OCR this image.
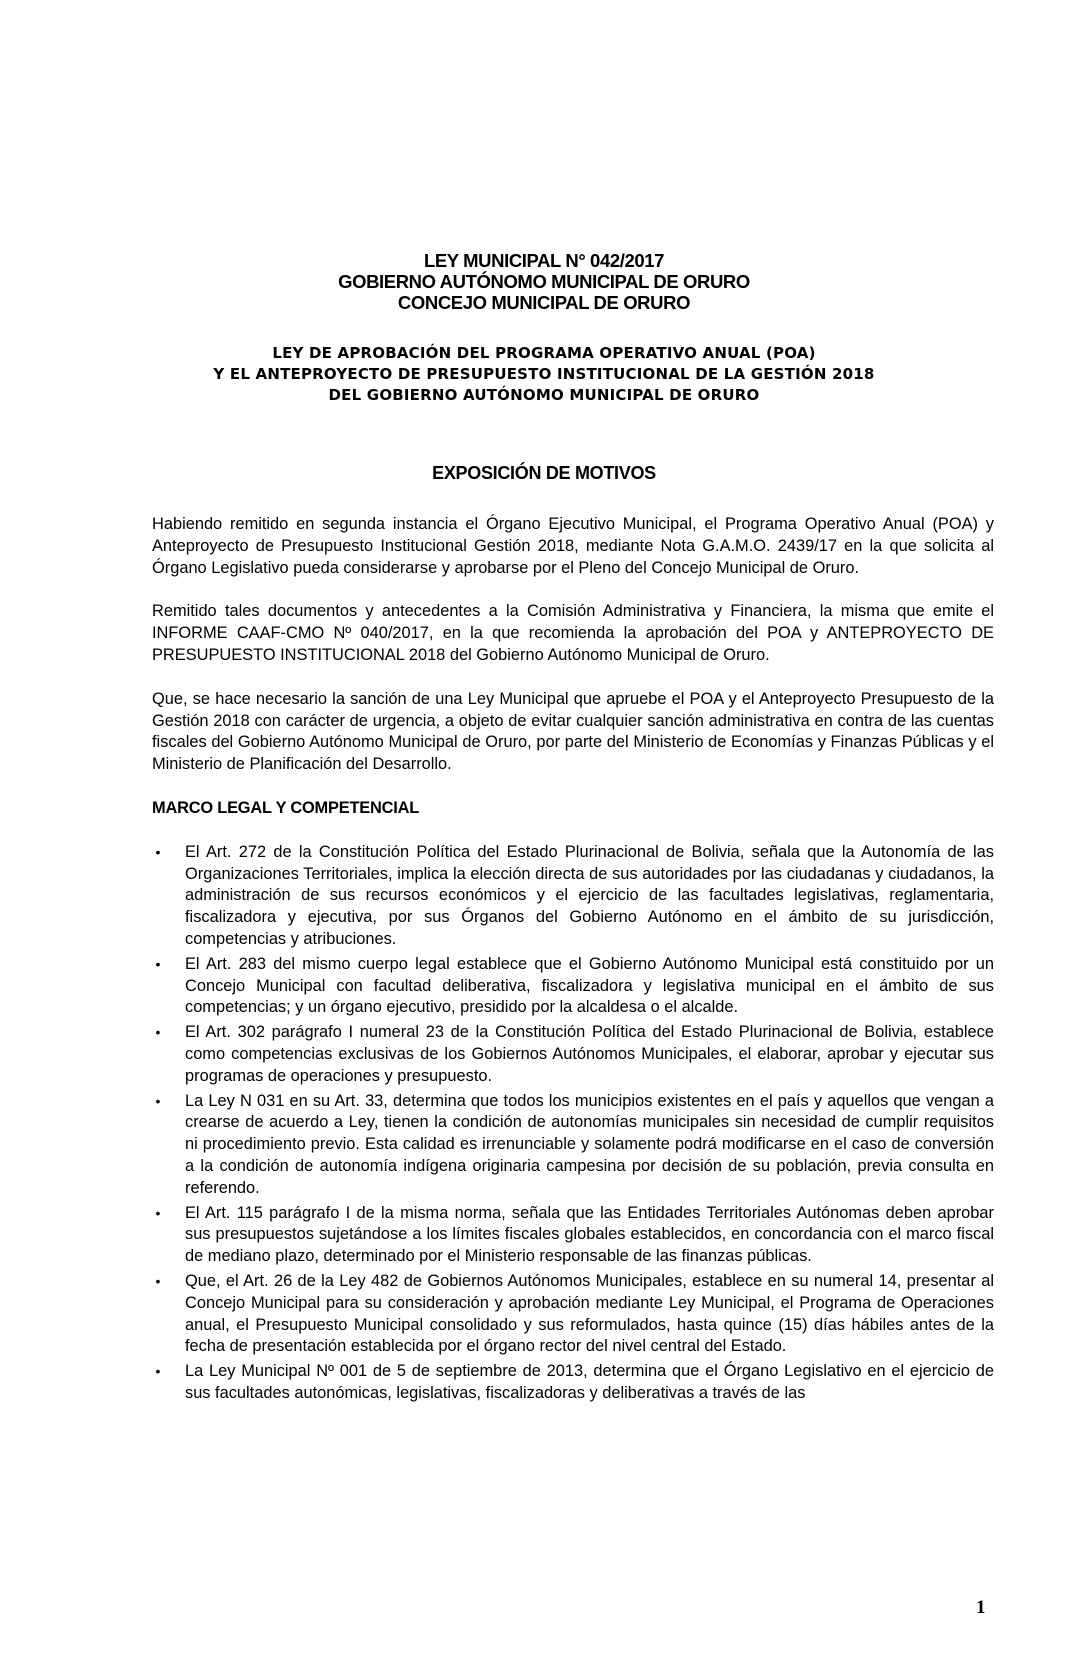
LEY MUNICIPAL N° 042/2017
GOBIERNO AUTÓNOMO MUNICIPAL DE ORURO
CONCEJO MUNICIPAL DE ORURO
LEY DE APROBACIÓN DEL PROGRAMA OPERATIVO ANUAL (POA)
Y EL ANTEPROYECTO DE PRESUPUESTO INSTITUCIONAL DE LA GESTIÓN 2018
DEL GOBIERNO AUTÓNOMO MUNICIPAL DE ORURO
EXPOSICIÓN DE MOTIVOS

Habiendo remitido en segunda instancia el Órgano Ejecutivo Municipal, el Programa Operativo Anual (POA) y Anteproyecto de Presupuesto Institucional Gestión 2018, mediante Nota G.A.M.O. 2439/17 en la que solicita al Órgano Legislativo pueda considerarse y aprobarse por el Pleno del Concejo Municipal de Oruro.

Remitido tales documentos y antecedentes a la Comisión Administrativa y Financiera, la misma que emite el INFORME CAAF-CMO Nº 040/2017, en la que recomienda la aprobación del POA y ANTEPROYECTO DE PRESUPUESTO INSTITUCIONAL 2018 del Gobierno Autónomo Municipal de Oruro.

Que, se hace necesario la sanción de una Ley Municipal que apruebe el POA y el Anteproyecto Presupuesto de la Gestión 2018 con carácter de urgencia, a objeto de evitar cualquier sanción administrativa en contra de las cuentas fiscales del Gobierno Autónomo Municipal de Oruro, por parte del Ministerio de Economías y Finanzas Públicas y el Ministerio de Planificación del Desarrollo.

MARCO LEGAL Y COMPETENCIAL
• El Art. 272 de la Constitución Política del Estado Plurinacional de Bolivia, señala que la Autonomía de las Organizaciones Territoriales, implica la elección directa de sus autoridades por las ciudadanas y ciudadanos, la administración de sus recursos económicos y el ejercicio de las facultades legislativas, reglamentaria, fiscalizadora y ejecutiva, por sus Órganos del Gobierno Autónomo en el ámbito de su jurisdicción, competencias y atribuciones.
• El Art. 283 del mismo cuerpo legal establece que el Gobierno Autónomo Municipal está constituido por un Concejo Municipal con facultad deliberativa, fiscalizadora y legislativa municipal en el ámbito de sus competencias; y un órgano ejecutivo, presidido por la alcaldesa o el alcalde.
• El Art. 302 parágrafo I numeral 23 de la Constitución Política del Estado Plurinacional de Bolivia, establece como competencias exclusivas de los Gobiernos Autónomos Municipales, el elaborar, aprobar y ejecutar sus programas de operaciones y presupuesto.
• La Ley N 031 en su Art. 33, determina que todos los municipios existentes en el país y aquellos que vengan a crearse de acuerdo a Ley, tienen la condición de autonomías municipales sin necesidad de cumplir requisitos ni procedimiento previo. Esta calidad es irrenunciable y solamente podrá modificarse en el caso de conversión a la condición de autonomía indígena originaria campesina por decisión de su población, previa consulta en referendo.
• El Art. 115 parágrafo I de la misma norma, señala que las Entidades Territoriales Autónomas deben aprobar sus presupuestos sujetándose a los límites fiscales globales establecidos, en concordancia con el marco fiscal de mediano plazo, determinado por el Ministerio responsable de las finanzas públicas.
• Que, el Art. 26 de la Ley 482 de Gobiernos Autónomos Municipales, establece en su numeral 14, presentar al Concejo Municipal para su consideración y aprobación mediante Ley Municipal, el Programa de Operaciones anual, el Presupuesto Municipal consolidado y sus reformulados, hasta quince (15) días hábiles antes de la fecha de presentación establecida por el órgano rector del nivel central del Estado.
• La Ley Municipal Nº 001 de 5 de septiembre de 2013, determina que el Órgano Legislativo en el ejercicio de sus facultades autonómicas, legislativas, fiscalizadoras y deliberativas a través de las
1
